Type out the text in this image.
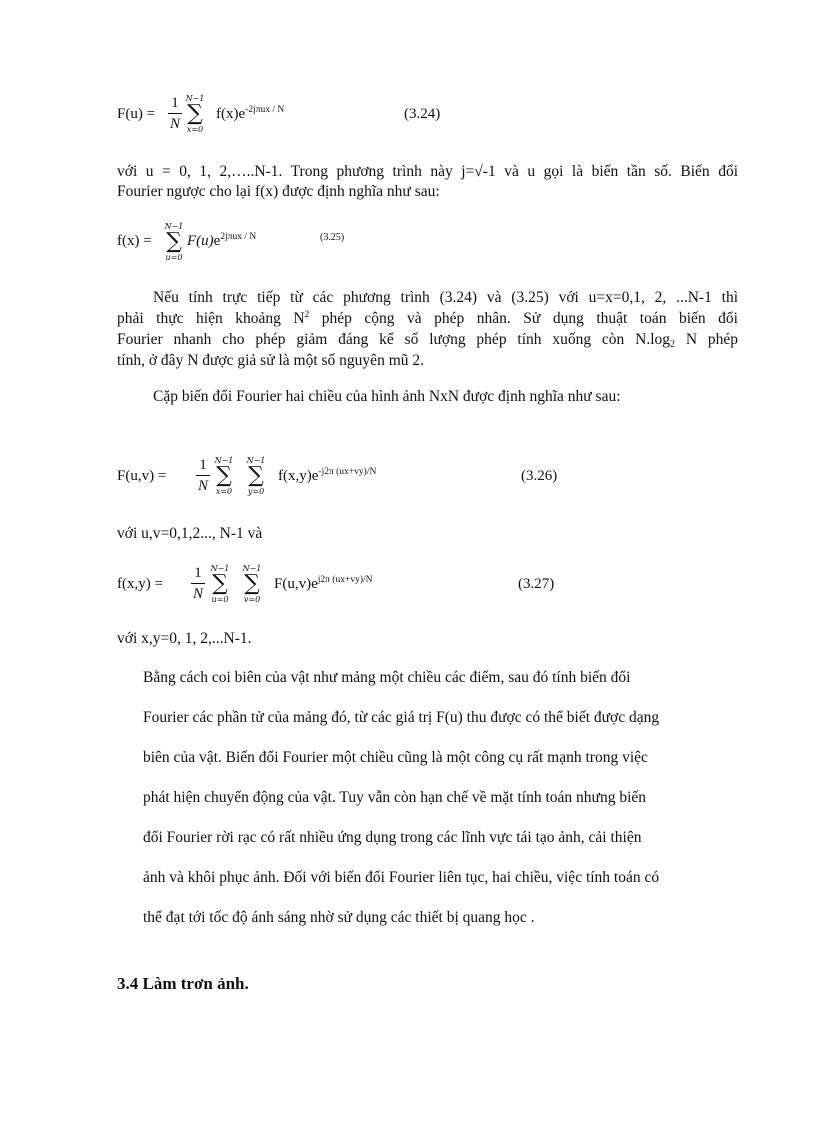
F(u) =
1
N
N−1
∑
x=0
$f(x)e^{-2j\pi ux / N}$	(3.24)
với u = 0, 1, 2,…..N-1. Trong phương trình này j=√-1 và u gọi là biến tần số. Biến đổi
Fourier ngược cho lại f(x) được định nghĩa như sau:
f(x) =
N−1
∑
u=0
$F(u)e^{2j\pi ux / N}$	(3.25)
Nếu tính trực tiếp từ các phương trình (3.24) và (3.25) với u=x=0,1, 2, ...N-1 thì
phải thực hiện khoảng $N^2$ phép cộng và phép nhân. Sử dụng thuật toán biến đổi
Fourier nhanh cho phép giảm đáng kể số lượng phép tính xuống còn $N.\log_2$ N phép
tính, ở đây N được giả sử là một số nguyên mũ 2.
Cặp biến đổi Fourier hai chiều của hình ảnh NxN được định nghĩa như sau:
F(u,v) =
1
N
N−1
∑
x=0
N−1
∑
y=0
$f(x,y)e^{-j2\pi (ux+vy)/N}$	(3.26)
với u,v=0,1,2..., N-1 và
f(x,y) =
1
N
N−1
∑
u=0
N−1
∑
v=0
$F(u,v)e^{j2\pi (ux+vy)/N}$	(3.27)
với x,y=0, 1, 2,...N-1.
Bằng cách coi biên của vật như mảng một chiều các điểm, sau đó tính biến đổi
Fourier các phần tử của mảng đó, từ các giá trị F(u) thu được có thể biết được dạng
biên của vật. Biến đổi Fourier một chiều cũng là một công cụ rất mạnh trong việc
phát hiện chuyển động của vật. Tuy vẫn còn hạn chế về mặt tính toán nhưng biến
đổi Fourier rời rạc có rất nhiều ứng dụng trong các lĩnh vực tái tạo ảnh, cải thiện
ảnh và khôi phục ảnh. Đối với biến đổi Fourier liên tục, hai chiều, việc tính toán có
thể đạt tới tốc độ ánh sáng nhờ sử dụng các thiết bị quang học .
3.4 Làm trơn ảnh.
